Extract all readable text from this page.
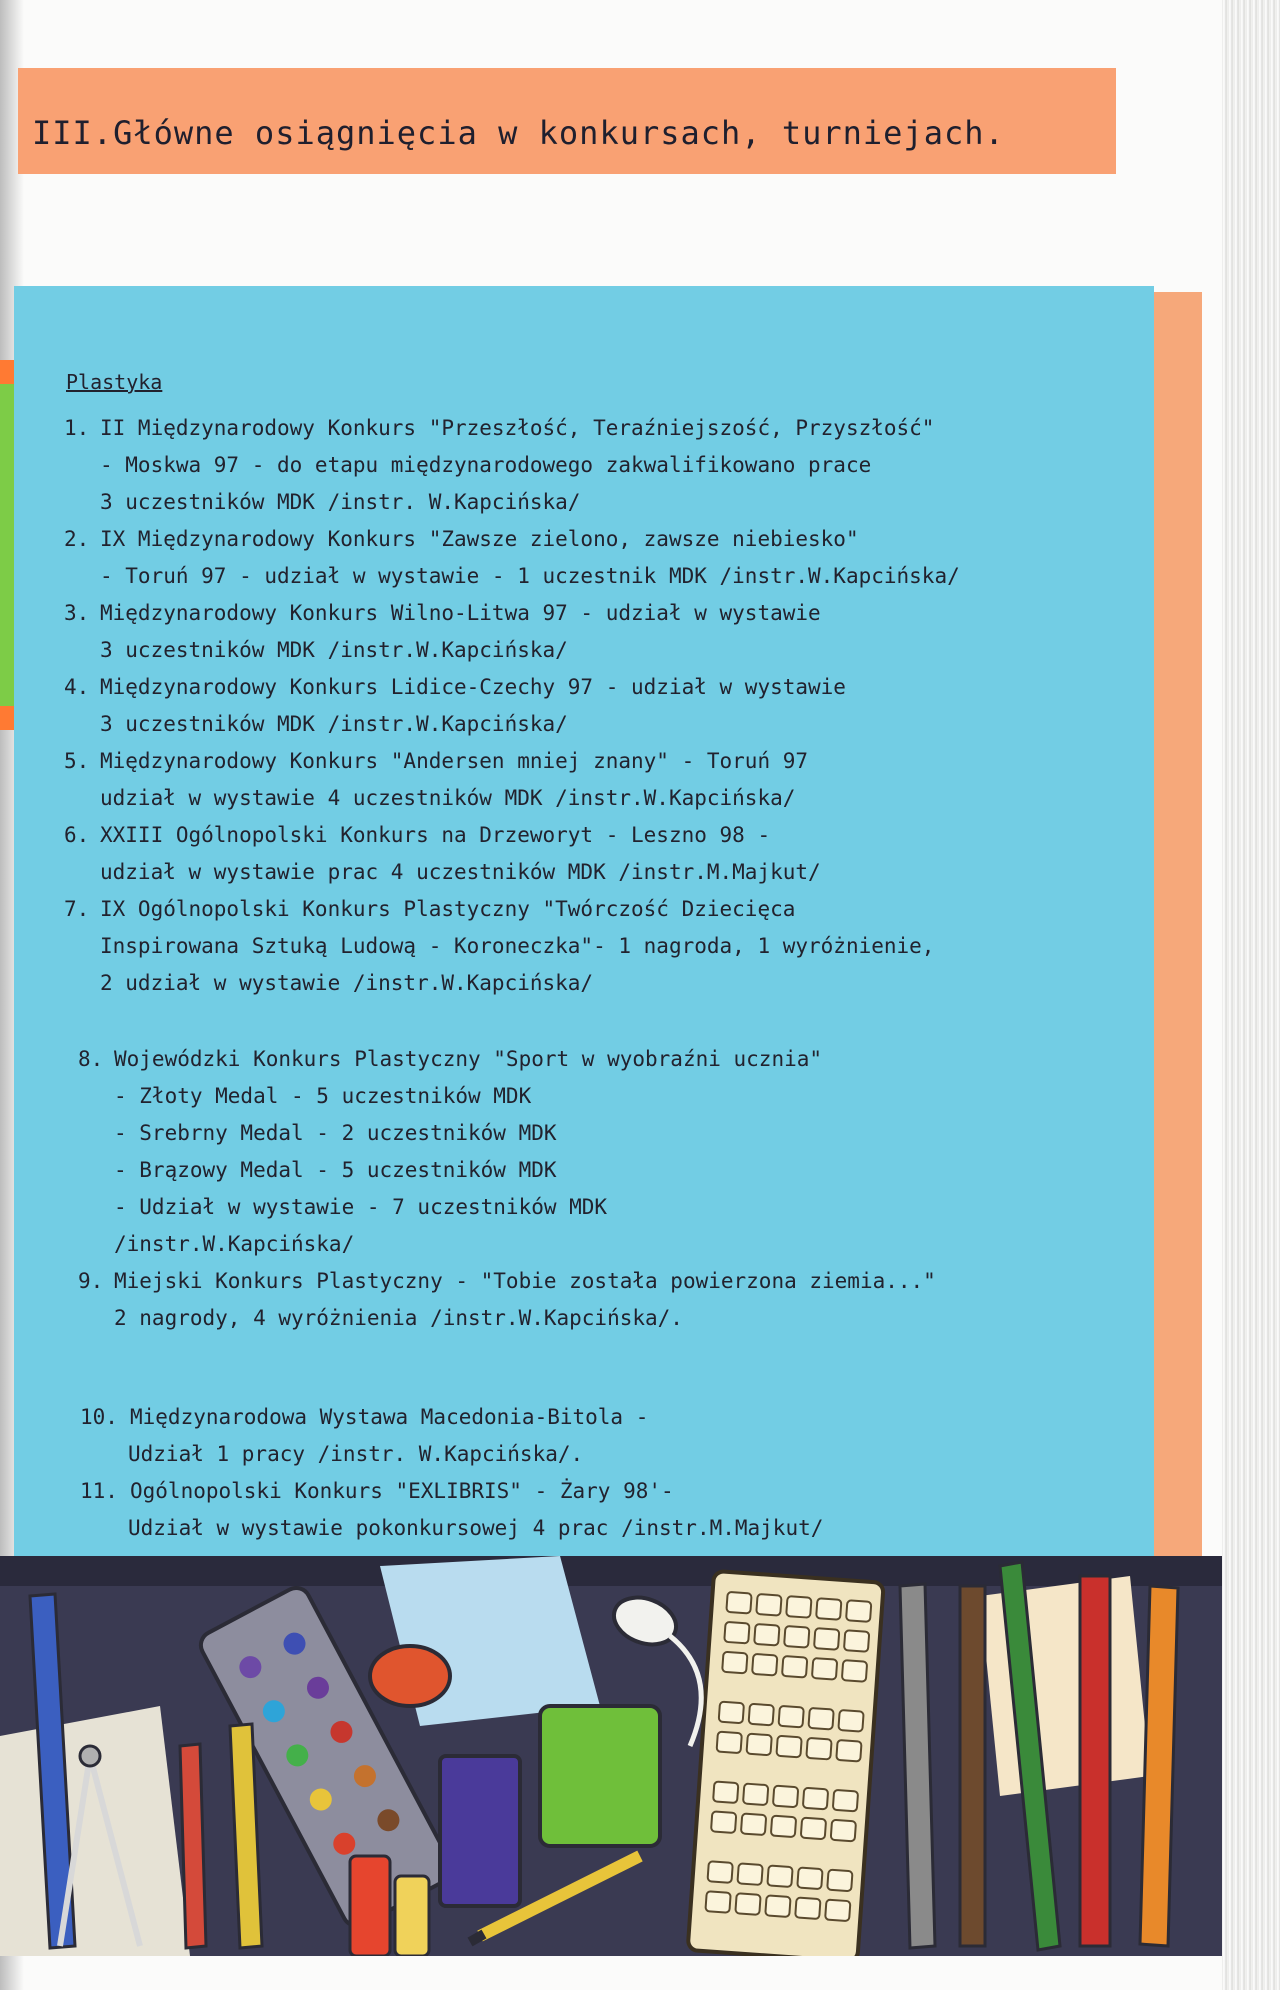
III.Główne osiągnięcia w konkursach, turniejach.
Plastyka
1. II Międzynarodowy Konkurs "Przeszłość, Teraźniejszość, Przyszłość"
- Moskwa 97 - do etapu międzynarodowego zakwalifikowano prace
3 uczestników MDK /instr. W.Kapcińska/
2. IX Międzynarodowy Konkurs "Zawsze zielono, zawsze niebiesko"
- Toruń 97 - udział w wystawie - 1 uczestnik MDK /instr.W.Kapcińska/
3. Międzynarodowy Konkurs Wilno-Litwa 97 - udział w wystawie
3 uczestników MDK /instr.W.Kapcińska/
4. Międzynarodowy Konkurs Lidice-Czechy 97 - udział w wystawie
3 uczestników MDK /instr.W.Kapcińska/
5. Międzynarodowy Konkurs "Andersen mniej znany" - Toruń 97
udział w wystawie 4 uczestników MDK /instr.W.Kapcińska/
6. XXIII Ogólnopolski Konkurs na Drzeworyt - Leszno 98 -
udział w wystawie prac 4 uczestników MDK /instr.M.Majkut/
7. IX Ogólnopolski Konkurs Plastyczny "Twórczość Dziecięca
Inspirowana Sztuką Ludową - Koroneczka"- 1 nagroda, 1 wyróżnienie,
2 udział w wystawie /instr.W.Kapcińska/
8. Wojewódzki Konkurs Plastyczny "Sport w wyobraźni ucznia"
- Złoty Medal - 5 uczestników MDK
- Srebrny Medal - 2 uczestników MDK
- Brązowy Medal - 5 uczestników MDK
- Udział w wystawie - 7 uczestników MDK
/instr.W.Kapcińska/
9. Miejski Konkurs Plastyczny - "Tobie została powierzona ziemia..."
2 nagrody, 4 wyróżnienia /instr.W.Kapcińska/.
10. Międzynarodowa Wystawa Macedonia-Bitola -
Udział 1 pracy /instr. W.Kapcińska/.
11. Ogólnopolski Konkurs "EXLIBRIS" - Żary 98'-
Udział w wystawie pokonkursowej 4 prac /instr.M.Majkut/
